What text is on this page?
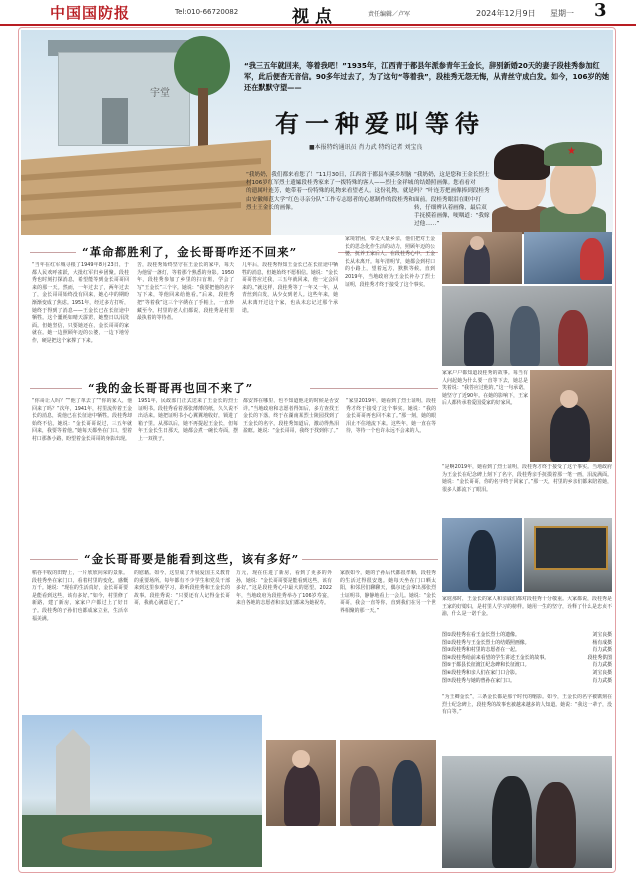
中国国防报	Tel:010-66720082	视点	责任编辑／卢军	2024年12月9日 星期一 3
宇堂
“我三五年就回来，等着我吧！”1935年，江西青于都县年派参青年王金长，辞别新婚20天的妻子段桂秀参加红军，此后便杳无音信。90多年过去了，为了这句“等着我”，段桂秀无怨无悔，从青丝守成白发。如今，106岁的她还在默默守望——
有一种爱叫等待
■本报特约通讯员 肖力武 特约记者 刘宝良
“我奶奶，我们都来看您了！”11月30日，江西省于都县车溪乡坝脑村106岁红军烈士遗孀段桂秀家来了一拨特殊的客人——烈士金祥城的遗属叶连芳，她带着一份特殊的礼物来看望老人。这份礼物，就是由安徽师范大学“红色寻亲分队”工作专志愿者的心愿制作的段桂秀和烈士王金长的画像。
“我奶奶，这是您和王金长烈士的结婚照画像。您看看对吗？”叶连芳把画像捧到段桂秀面前。段桂秀眼泪在眶中打转，仔细辨认着画像，最后双手抚摸着画像，哽咽道：“我嫁过他……”
★
“革命都胜利了，金长哥哥咋还不回来”
“当年在红军城寻根了1949年8月23日，于都人民欢呼雀跃，大批红军归乡团聚。段桂秀也时刻打探消息，希望能等到金长哥哥回来的那一天。然而，一年过去了，两年过去了，金长哥哥始终没有回来，她心中的期盼渐渐变成了焦虑。1951年，经过多方打听，她终于得到了消息——王金长已在长征途中牺牲。这个噩耗如晴天霹雳，她整日以泪洗面。但她坚信，只要她还在，金长哥哥的家就在。她一边照顾年迈的公婆，一边下地劳作，硬是把这个家撑了下来。
苦，段桂秀始终坚守在王金长的家中，每天为他留一盏灯，等着那个熟悉的身影。1950年，段桂秀参加了乡里的扫盲班，学会了写“王金长”三个字。她说：“我要把他的名字写下来，等他回来给他看。”后来，段桂秀把“等着我”这三个字绣在了手帕上，一直珍藏至今。村里的老人们都说，段桂秀是村里最执着的等待者。
几年后，段桂秀得知王金长已在长征途中牺牲的消息，但她始终不愿相信。她说：“金长哥哥答应过我，三五年就回来，他一定会回来的。”就这样，段桂秀等了一年又一年，从青丝到白发，从少女到老人。这些年来，她从未离开过这个家，也从未忘记过那个承诺。
家境窘困，带走大量乡亲，他们把对王金长的思念化作生活的动力，照顾年迈的公婆，抚养王家后人。在段桂秀心中，王金长从未离开。每年清明节，她都会到村口的小路上，望着远方，默默等候。直到2019年，当地政府为王金长补办了烈士证明，段桂秀才终于接受了这个事实。
“我的金长哥哥再也回不来了”
“你哥让人吗？”“他了革去了”“你的家人，他回来了吗？”次年，1941年，村里流传着王金长的消息，说他已在长征途中牺牲。段桂秀却始终不信。她说：“金长哥哥说过，三五年就回来，我要等着他。”她每天都坐在门口，望着村口那条小路，盼望着金长哥哥的身影出现。
1951年，民政部门正式送来了王金长的烈士证明书。段桂秀看着那张薄薄的纸，久久说不出话来。她把证明书小心翼翼地收好，锁进了箱子里。从那以后，她不再提起王金长，但每年王金长生日那天，她都会煮一碗长寿面，摆上一双筷子。
都安葬在哪里，也不知道他走的时候是否安详。”当地政府和志愿者得知后，多方查找王金长的下落，终于在湖南某烈士陵园找到了王金长的名字。段桂秀知道后，激动得热泪盈眶。她说：“金长哥哥，我终于找到你了。”
“家里2019年，她看到了烈士证明，段桂秀才终于接受了这个事实。她说：“我的金长哥哥再也回不来了。”那一刻，她的眼泪止不住地流下来。这些年，她一直在等待，等待一个也许永远不会来的人。
“金长哥哥要是能看到这些，该有多好”
稻谷丰收的田野上，一片欣欣向荣的景象。段桂秀坐在家门口，看着村里的变化，感慨万千。她说：“现在的生活真好，金长哥哥要是能看到这些，该有多好。”如今，村里修了新路，建了新房，家家户户都过上了好日子。段桂秀的子孙们也都成家立业，生活幸福美满。
的慰藉。如今，这里成了开展爱国主义教育的重要场所。每年都有不少学生和党员干部来到这里参观学习，聆听段桂秀和王金长的故事。段桂秀说：“只要还有人记得金长哥哥，我就心满意足了。”
万元，现在住进了新房，看到了更多的外孙，她说：“金长哥哥要是能看到这些，该有多好。”这是段桂秀心中最大的愿望。2022年，当地政府为段桂秀举办了106岁寿宴，来自各地的志愿者和亲友们都来为她祝寿。
家族如今，她的子孙后代都很孝顺，段桂秀的生活过得很安逸。她每天坐在门口晒太阳，和邻居们聊聊天，偶尔还会拿出那张烈士证明书，静静地看上一会儿。她说：“金长哥哥，我会一直等你，直到我们在另一个世界相聚的那一天。”
家家户户都知道段桂秀的故事。每当有人问起她为什么要一直等下去，她总是笑着说：“我答应过他的。”这一句承诺，她坚守了近90年。在她的影响下，王家后人都传承着爱国爱家的好家风。
“是啊2019年，她看到了烈士证明，段桂秀才终于接受了这个事实。当地政府为王金长在纪念碑上刻下了名字，段桂秀亲手抚摸着那一笔一画，泪流满面。她说：“金长哥哥，你的名字终于回家了。”那一天，村里的乡亲们都来陪着她，很多人都流下了眼泪。
家庭那时，王金长的家人和亲戚们都对段桂秀十分敬重。大家都说，段桂秀是王家的好媳妇，是村里人学习的榜样。她用一生的坚守，诠释了什么是忠贞不渝，什么是一诺千金。
图①段桂秀在看王金长烈士的遗像。	刘宝良摄
图②段桂秀与王金长烈士的结婚照画像。	杨有成摄
图③段桂秀和村里的志愿者在一起。	肖力武摄
图④段桂秀给前来看望的学生讲述王金长的故事。	段桂秀供图
图⑤于都县长征渡江纪念碑和长征渡口。	肖力武摄
图⑥段桂秀和亲人们在家门口合影。	刘宝良摄
图⑦段桂秀与她的曾孙在家门口。	肖力武摄
“为王卿金长”，三条金长都是那个时代的缩影。如今，王金长的名字被镌刻在烈士纪念碑上，段桂秀的故事也被越来越多的人知道。她说：“我这一辈子，没有白等。”
